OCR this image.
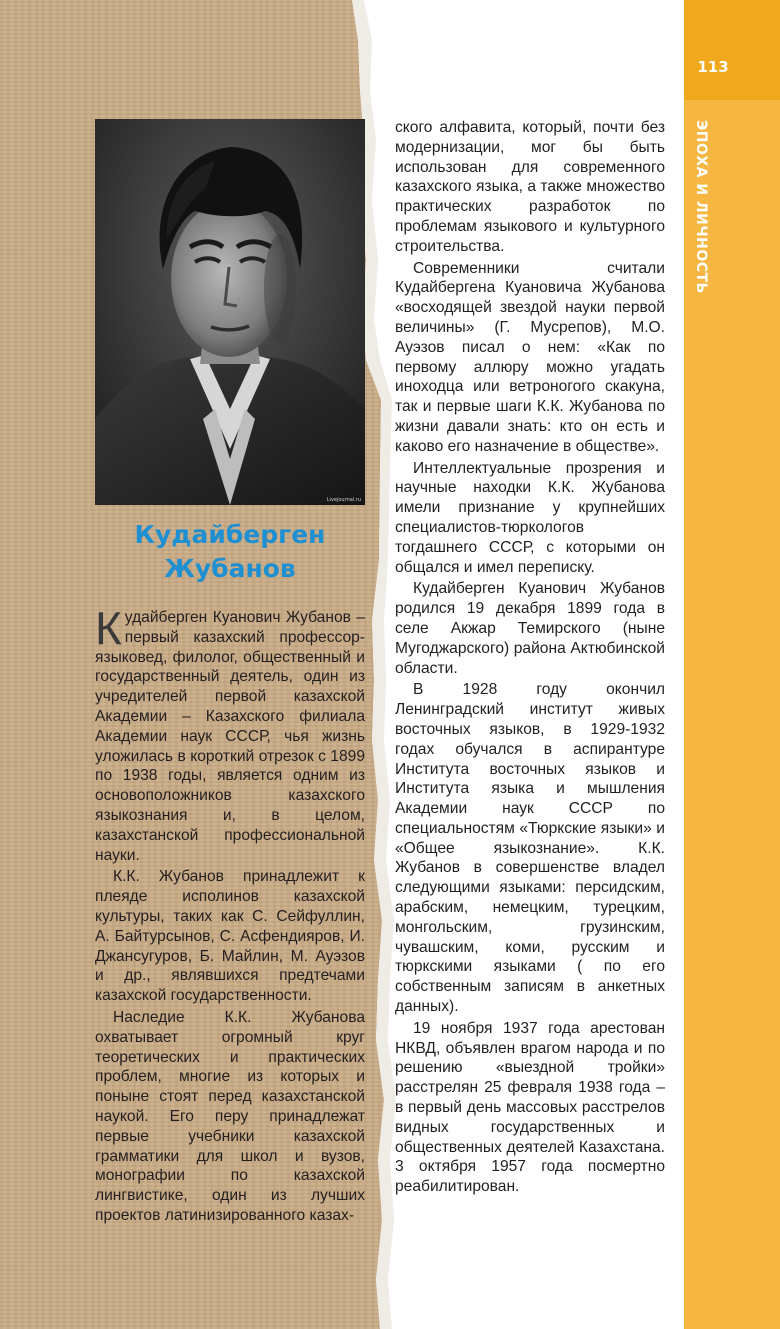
113
ЭПОХА И ЛИЧНОСТЬ
Livejournal.ru
Кудайберген
Жубанов

Кудайберген Куанович Жубанов – первый казахский профессор-языковед, филолог, общественный и государственный деятель, один из учредителей первой казахской Академии – Казахского филиала Академии наук СССР, чья жизнь уложилась в короткий отрезок с 1899 по 1938 годы, является одним из основоположников казахского языкознания и, в целом, казахстанской профессиональной науки.

К.К. Жубанов принадлежит к плеяде исполинов казахской культуры, таких как С. Сейфуллин, А. Байтурсынов, С. Асфендияров, И. Джансугуров, Б. Майлин, М. Ауэзов и др., являвшихся предтечами казахской государственности.

Наследие К.К. Жубанова охватывает огромный круг теоретических и практических проблем, многие из которых и поныне стоят перед казахстанской наукой. Его перу принадлежат первые учебники казахской грамматики для школ и вузов, монографии по казахской лингвистике, один из лучших проектов латинизированного казах-

ского алфавита, который, почти без модернизации, мог бы быть использован для современного казахского языка, а также множество практических разработок по проблемам языкового и культурного строительства.

Современники считали Кудайбергена Куановича Жубанова «восходящей звездой науки первой величины» (Г. Мусрепов), М.О. Ауэзов писал о нем: «Как по первому аллюру можно угадать иноходца или ветроногого скакуна, так и первые шаги К.К. Жубанова по жизни давали знать: кто он есть и каково его назначение в обществе».

Интеллектуальные прозрения и научные находки К.К. Жубанова имели признание у крупнейших специалистов-тюркологов тогдашнего СССР, с которыми он общался и имел переписку.

Кудайберген Куанович Жубанов родился 19 декабря 1899 года в селе Акжар Темирского (ныне Мугоджарского) района Актюбинской области.

В 1928 году окончил Ленинградский институт живых восточных языков, в 1929-1932 годах обучался в аспирантуре Института восточных языков и Института языка и мышления Академии наук СССР по специальностям «Тюркские языки» и «Общее языкознание». К.К. Жубанов в совершенстве владел следующими языками: персидским, арабским, немецким, турецким, монгольским, грузинским, чувашским, коми, русским и тюркскими языками ( по его собственным записям в анкетных данных).

19 ноября 1937 года арестован НКВД, объявлен врагом народа и по решению «выездной тройки» расстрелян 25 февраля 1938 года – в первый день массовых расстрелов видных государственных и общественных деятелей Казахстана. 3 октября 1957 года посмертно реабилитирован.
